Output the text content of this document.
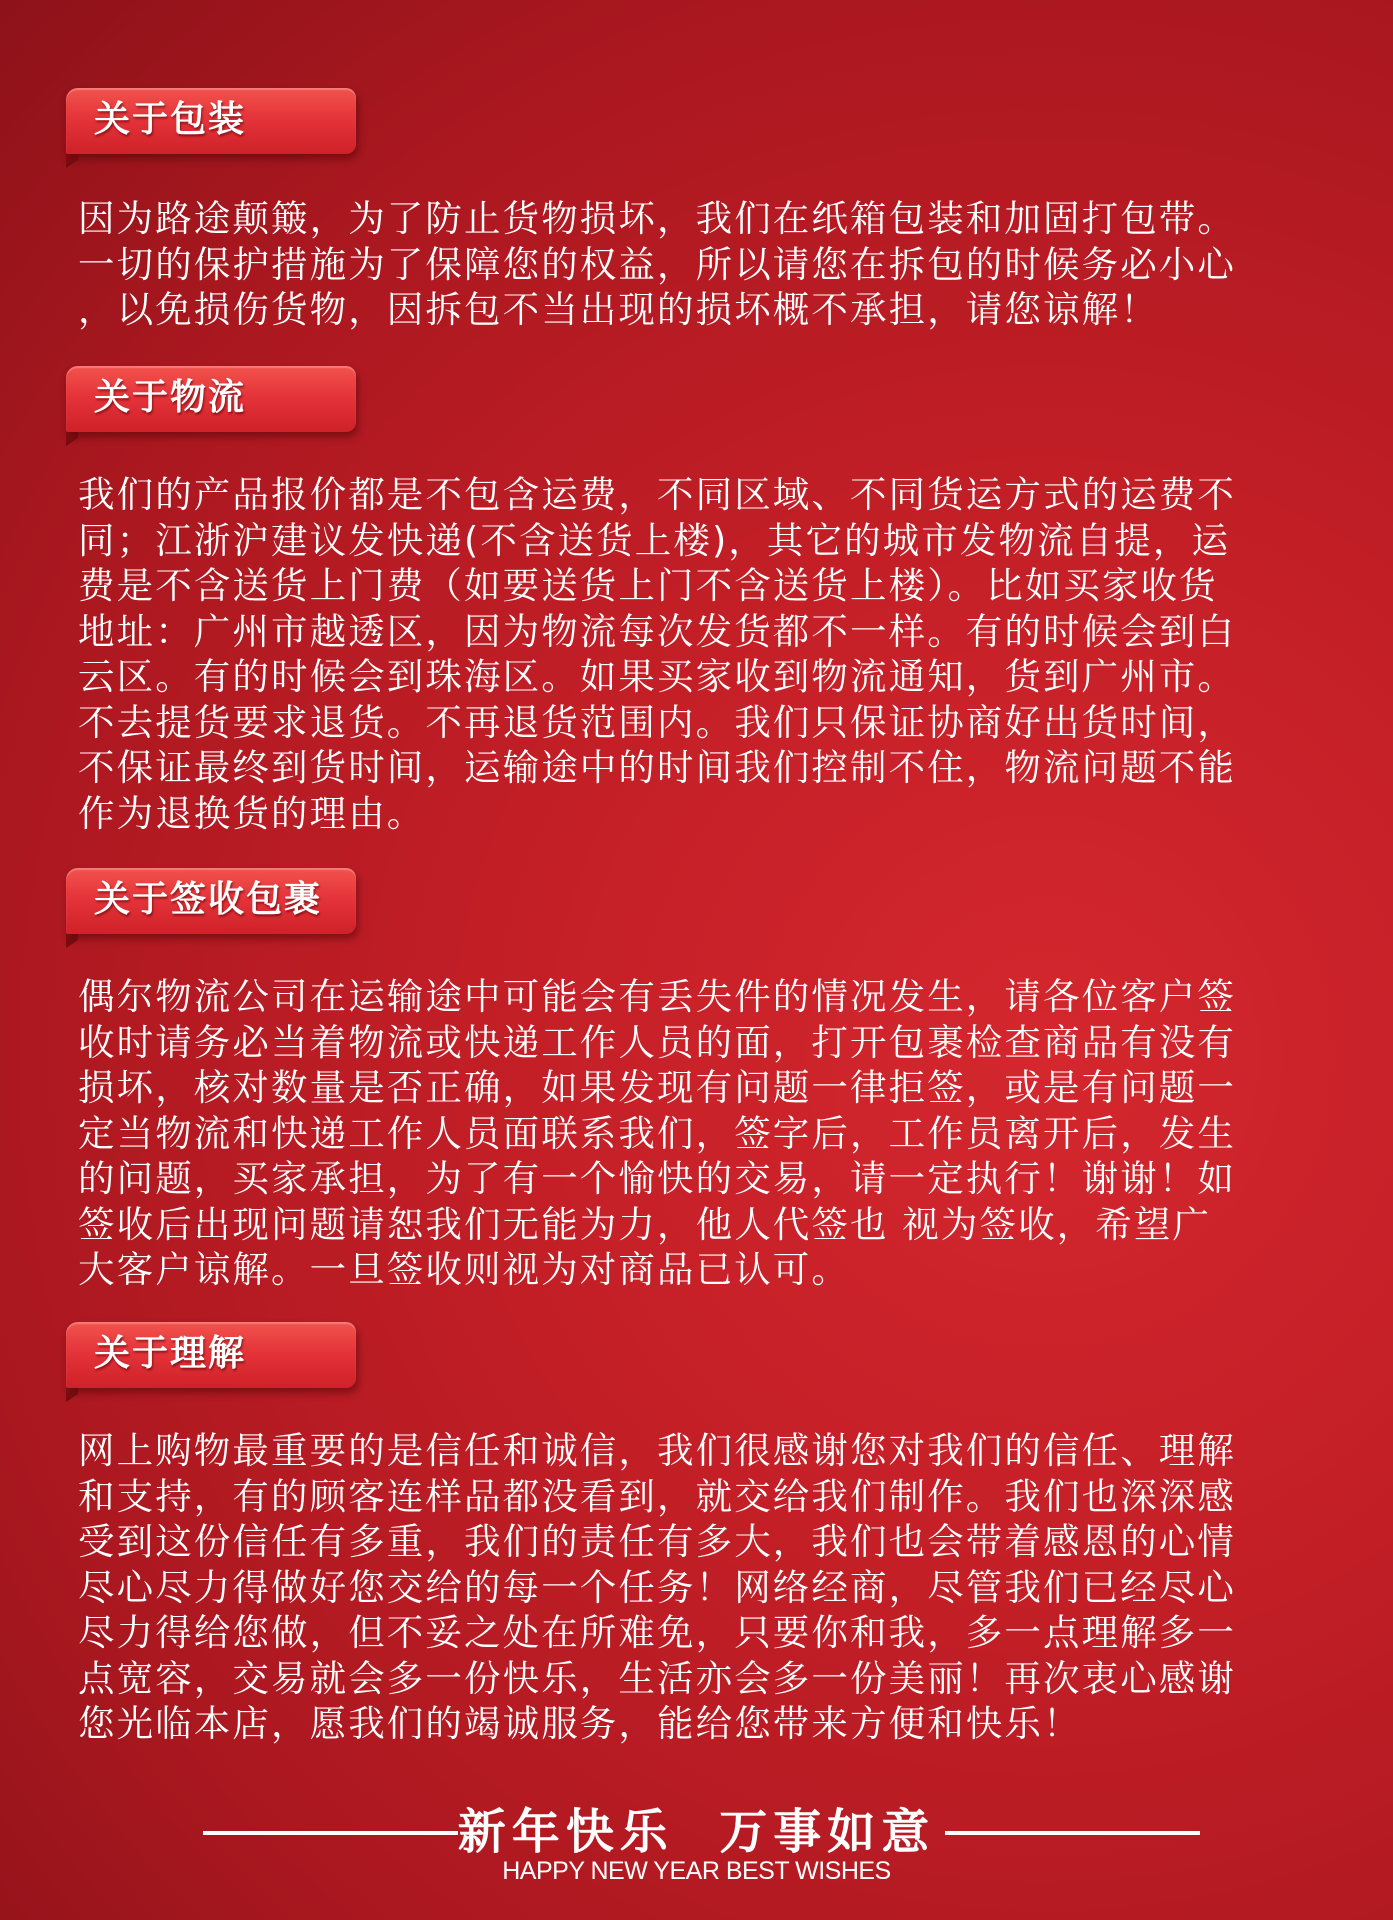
关于包装
因为路途颠簸，为了防止货物损坏，我们在纸箱包装和加固打包带。
一切的保护措施为了保障您的权益，所以请您在拆包的时候务必小心
，以免损伤货物，因拆包不当出现的损坏概不承担，请您谅解！
关于物流
我们的产品报价都是不包含运费，不同区域、不同货运方式的运费不
同；江浙沪建议发快递(不含送货上楼)，其它的城市发物流自提，运
费是不含送货上门费（如要送货上门不含送货上楼）。比如买家收货
地址：广州市越透区，因为物流每次发货都不一样。有的时候会到白
云区。有的时候会到珠海区。如果买家收到物流通知，货到广州市。
不去提货要求退货。不再退货范围内。我们只保证协商好出货时间，
不保证最终到货时间，运输途中的时间我们控制不住，物流问题不能
作为退换货的理由。
关于签收包裹
偶尔物流公司在运输途中可能会有丢失件的情况发生，请各位客户签
收时请务必当着物流或快递工作人员的面，打开包裹检查商品有没有
损坏，核对数量是否正确，如果发现有问题一律拒签，或是有问题一
定当物流和快递工作人员面联系我们，签字后，工作员离开后，发生
的问题，买家承担，为了有一个愉快的交易，请一定执行！谢谢！如
签收后出现问题请恕我们无能为力，他人代签也 视为签收，希望广
大客户谅解。一旦签收则视为对商品已认可。
关于理解
网上购物最重要的是信任和诚信，我们很感谢您对我们的信任、理解
和支持，有的顾客连样品都没看到，就交给我们制作。我们也深深感
受到这份信任有多重，我们的责任有多大，我们也会带着感恩的心情
尽心尽力得做好您交给的每一个任务！网络经商，尽管我们已经尽心
尽力得给您做，但不妥之处在所难免，只要你和我，多一点理解多一
点宽容，交易就会多一份快乐，生活亦会多一份美丽！再次衷心感谢
您光临本店，愿我们的竭诚服务，能给您带来方便和快乐！
新年快乐  万事如意
HAPPY NEW YEAR BEST WISHES
